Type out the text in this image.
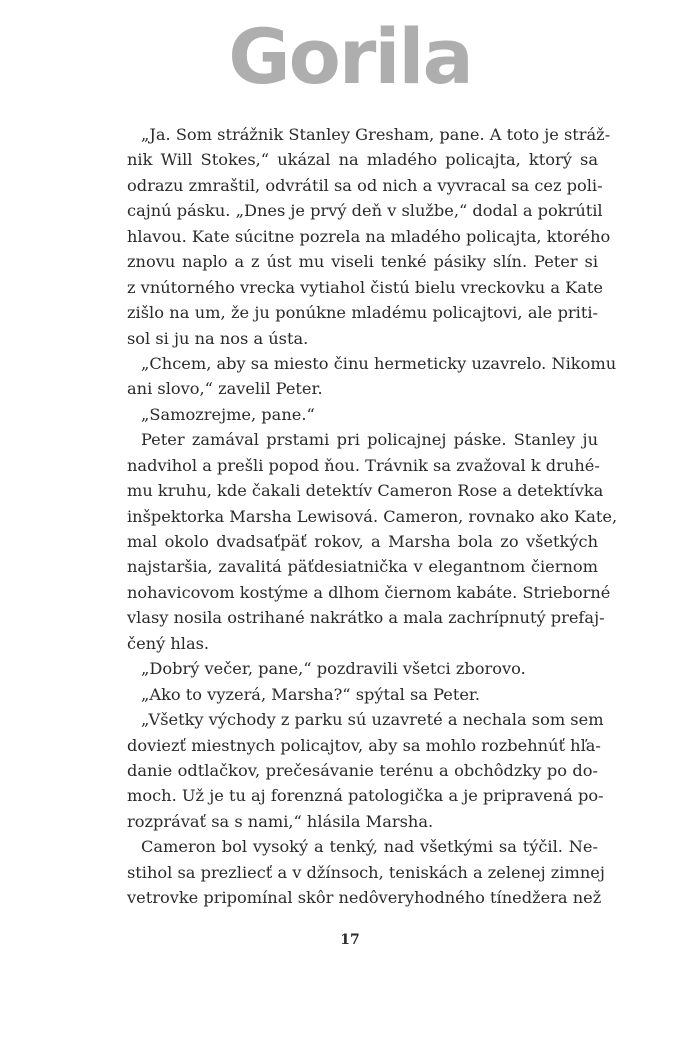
Gorila
„Ja. Som strážnik Stanley Gresham, pane. A toto je stráž-
nik Will Stokes,“ ukázal na mladého policajta, ktorý sa
odrazu zmraštil, odvrátil sa od nich a vyvracal sa cez poli-
cajnú pásku. „Dnes je prvý deň v službe,“ dodal a pokrútil
hlavou. Kate súcitne pozrela na mladého policajta, ktorého
znovu naplo a z úst mu viseli tenké pásiky slín. Peter si
z vnútorného vrecka vytiahol čistú bielu vreckovku a Kate
zišlo na um, že ju ponúkne mladému policajtovi, ale priti-
sol si ju na nos a ústa.
„Chcem, aby sa miesto činu hermeticky uzavrelo. Nikomu
ani slovo,“ zavelil Peter.
„Samozrejme, pane.“
Peter zamával prstami pri policajnej páske. Stanley ju
nadvihol a prešli popod ňou. Trávnik sa zvažoval k druhé-
mu kruhu, kde čakali detektív Cameron Rose a detektívka
inšpektorka Marsha Lewisová. Cameron, rovnako ako Kate,
mal okolo dvadsaťpäť rokov, a Marsha bola zo všetkých
najstaršia, zavalitá päťdesiatnička v elegantnom čiernom
nohavicovom kostýme a dlhom čiernom kabáte. Strieborné
vlasy nosila ostrihané nakrátko a mala zachrípnutý prefaj-
čený hlas.
„Dobrý večer, pane,“ pozdravili všetci zborovo.
„Ako to vyzerá, Marsha?“ spýtal sa Peter.
„Všetky východy z parku sú uzavreté a nechala som sem
doviezť miestnych policajtov, aby sa mohlo rozbehnúť hľa-
danie odtlačkov, prečesávanie terénu a obchôdzky po do-
moch. Už je tu aj forenzná patologička a je pripravená po-
rozprávať sa s nami,“ hlásila Marsha.
Cameron bol vysoký a tenký, nad všetkými sa týčil. Ne-
stihol sa prezliecť a v džínsoch, teniskách a zelenej zimnej
vetrovke pripomínal skôr nedôveryhodného tínedžera než
17
